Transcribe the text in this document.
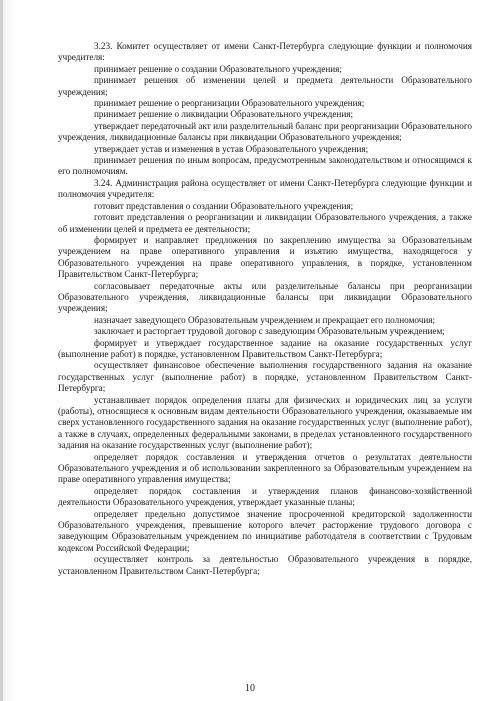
3.23. Комитет осуществляет от имени Санкт-Петербурга следующие функции и полномочия учредителя:

принимает решение о создании Образовательного учреждения;

принимает решения об изменении целей и предмета деятельности Образовательного учреждения;

принимает решение о реорганизации Образовательного учреждения;

принимает решение о ликвидации Образовательного учреждения;

утверждает передаточный акт или разделительный баланс при реорганизации Образовательного учреждения, ликвидационные балансы при ликвидации Образовательного учреждения;

утверждает устав и изменения в устав Образовательного учреждения;

принимает решения по иным вопросам, предусмотренным законодательством и относящимся к его полномочиям.

3.24. Администрация района осуществляет от имени Санкт-Петербурга следующие функции и полномочия учредителя:

готовит представления о создании Образовательного учреждения;

готовит представления о реорганизации и ликвидации Образовательного учреждения, а также об изменении целей и предмета ее деятельности;

формирует и направляет предложения по закреплению имущества за Образовательным учреждением на праве оперативного управления и изъятию имущества, находящегося у Образовательного учреждения на праве оперативного управления, в порядке, установленном Правительством Санкт-Петербурга;

согласовывает передаточные акты или разделительные балансы при реорганизации Образовательного учреждения, ликвидационные балансы при ликвидации Образовательного учреждения;

назначает заведующего Образовательным учреждением и прекращает его полномочия;

заключает и расторгает трудовой договор с заведующим Образовательным учреждением;

формирует и утверждает государственное задание на оказание государственных услуг (выполнение работ) в порядке, установленном Правительством Санкт-Петербурга;

осуществляет финансовое обеспечение выполнения государственного задания на оказание государственных услуг (выполнение работ) в порядке, установленном Правительством Санкт-Петербурга;

устанавливает порядок определения платы для физических и юридических лиц за услуги (работы), относящиеся к основным видам деятельности Образовательного учреждения, оказываемые им сверх установленного государственного задания на оказание государственных услуг (выполнение работ), а также в случаях, определенных федеральными законами, в пределах установленного государственного задания на оказание государственных услуг (выполнение работ);

определяет порядок составления и утверждения отчетов о результатах деятельности Образовательного учреждения и об использовании закрепленного за Образовательным учреждением на праве оперативного управления имущества;

определяет порядок составления и утверждения планов финансово-хозяйственной деятельности Образовательного учреждения, утверждает указанные планы;

определяет предельно допустимое значение просроченной кредиторской задолженности Образовательного учреждения, превышение которого влечет расторжение трудового договора с заведующим Образовательным учреждением по инициативе работодателя в соответствии с Трудовым кодексом Российской Федерации;

осуществляет контроль за деятельностью Образовательного учреждения в порядке, установленном Правительством Санкт-Петербурга;

10
